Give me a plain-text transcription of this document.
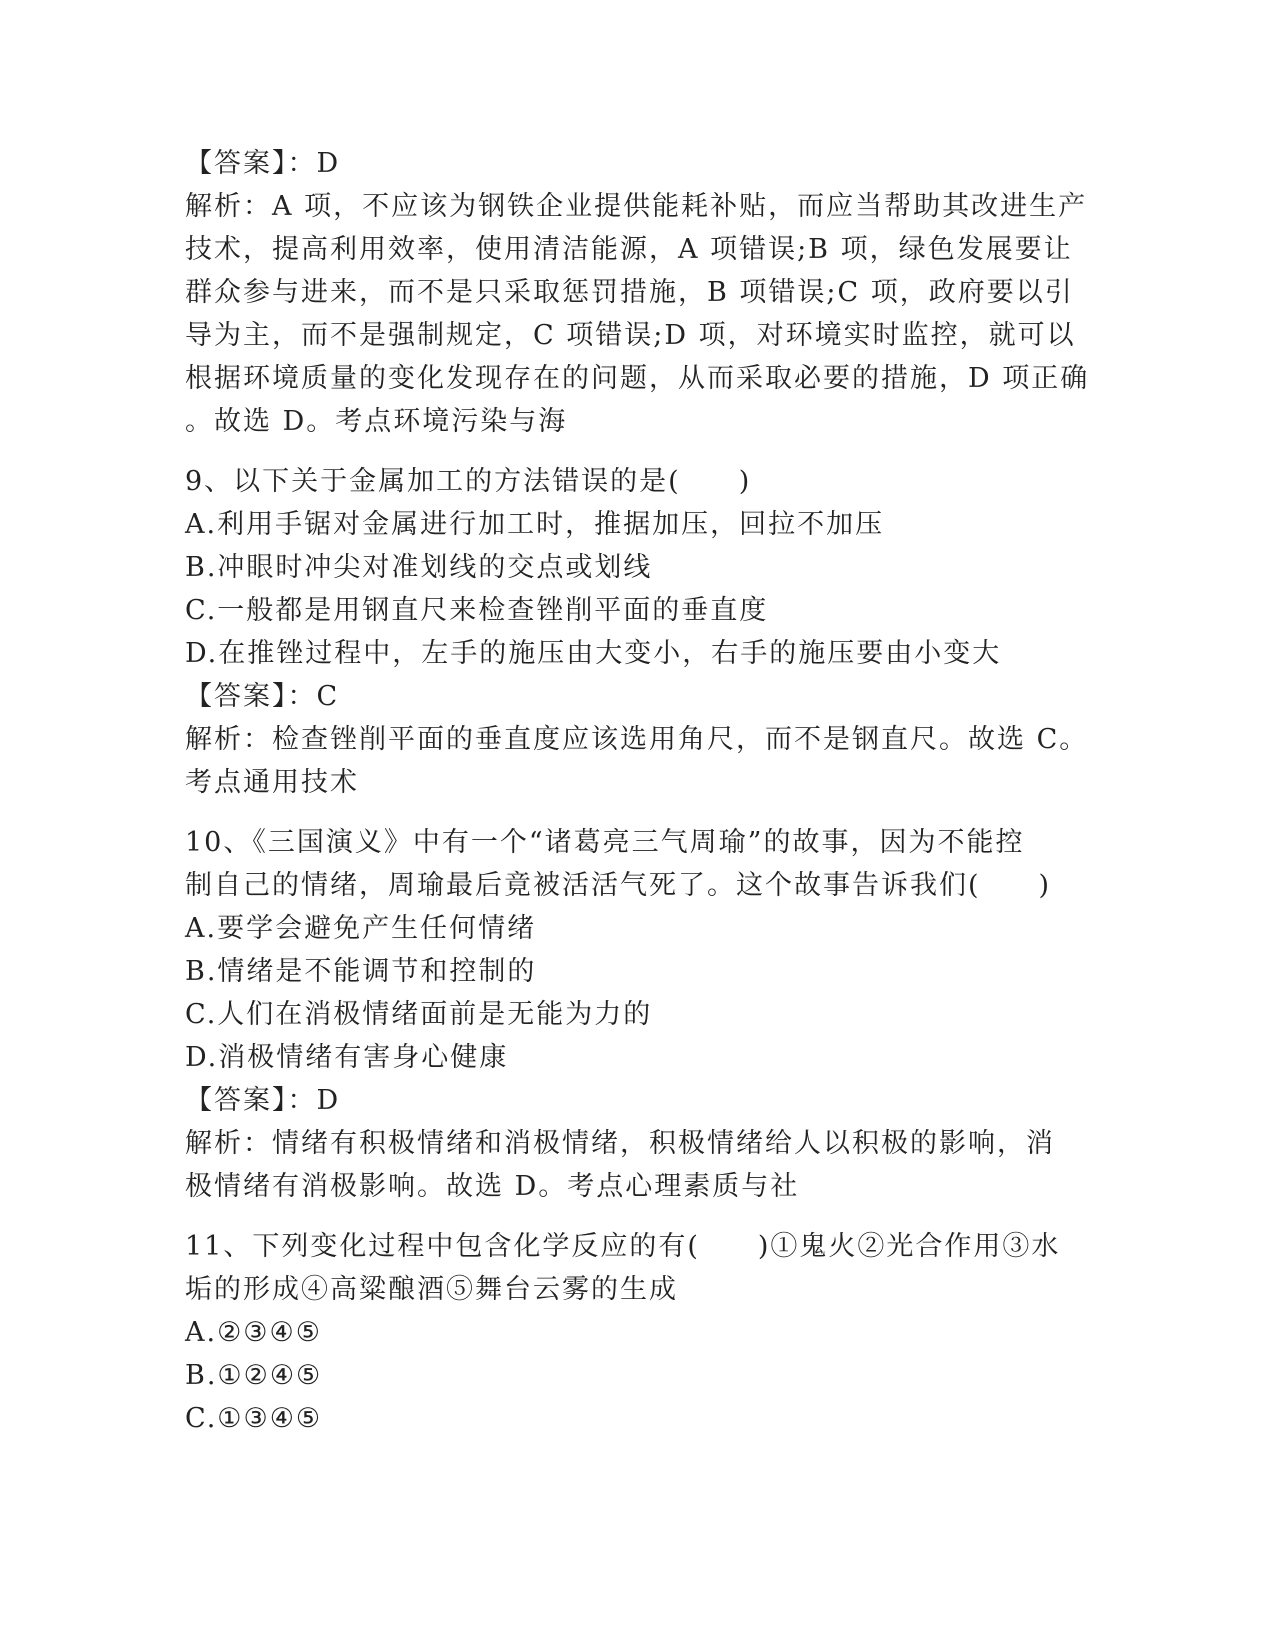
【答案】：D
解析：A 项，不应该为钢铁企业提供能耗补贴，而应当帮助其改进生产
技术，提高利用效率，使用清洁能源，A 项错误;B 项，绿色发展要让
群众参与进来，而不是只采取惩罚措施，B 项错误;C 项，政府要以引
导为主，而不是强制规定，C 项错误;D 项，对环境实时监控，就可以
根据环境质量的变化发现存在的问题，从而采取必要的措施，D 项正确
。故选 D。考点环境污染与海
9、以下关于金属加工的方法错误的是(　　)
A.利用手锯对金属进行加工时，推据加压，回拉不加压
B.冲眼时冲尖对准划线的交点或划线
C.一般都是用钢直尺来检查锉削平面的垂直度
D.在推锉过程中，左手的施压由大变小，右手的施压要由小变大
【答案】：C
解析：检查锉削平面的垂直度应该选用角尺，而不是钢直尺。故选 C。
考点通用技术
10、《三国演义》中有一个“诸葛亮三气周瑜”的故事，因为不能控
制自己的情绪，周瑜最后竟被活活气死了。这个故事告诉我们(　　)
A.要学会避免产生任何情绪
B.情绪是不能调节和控制的
C.人们在消极情绪面前是无能为力的
D.消极情绪有害身心健康
【答案】：D
解析：情绪有积极情绪和消极情绪，积极情绪给人以积极的影响，消
极情绪有消极影响。故选 D。考点心理素质与社
11、下列变化过程中包含化学反应的有(　　)①鬼火②光合作用③水
垢的形成④高粱酿酒⑤舞台云雾的生成
A.②③④⑤
B.①②④⑤
C.①③④⑤
